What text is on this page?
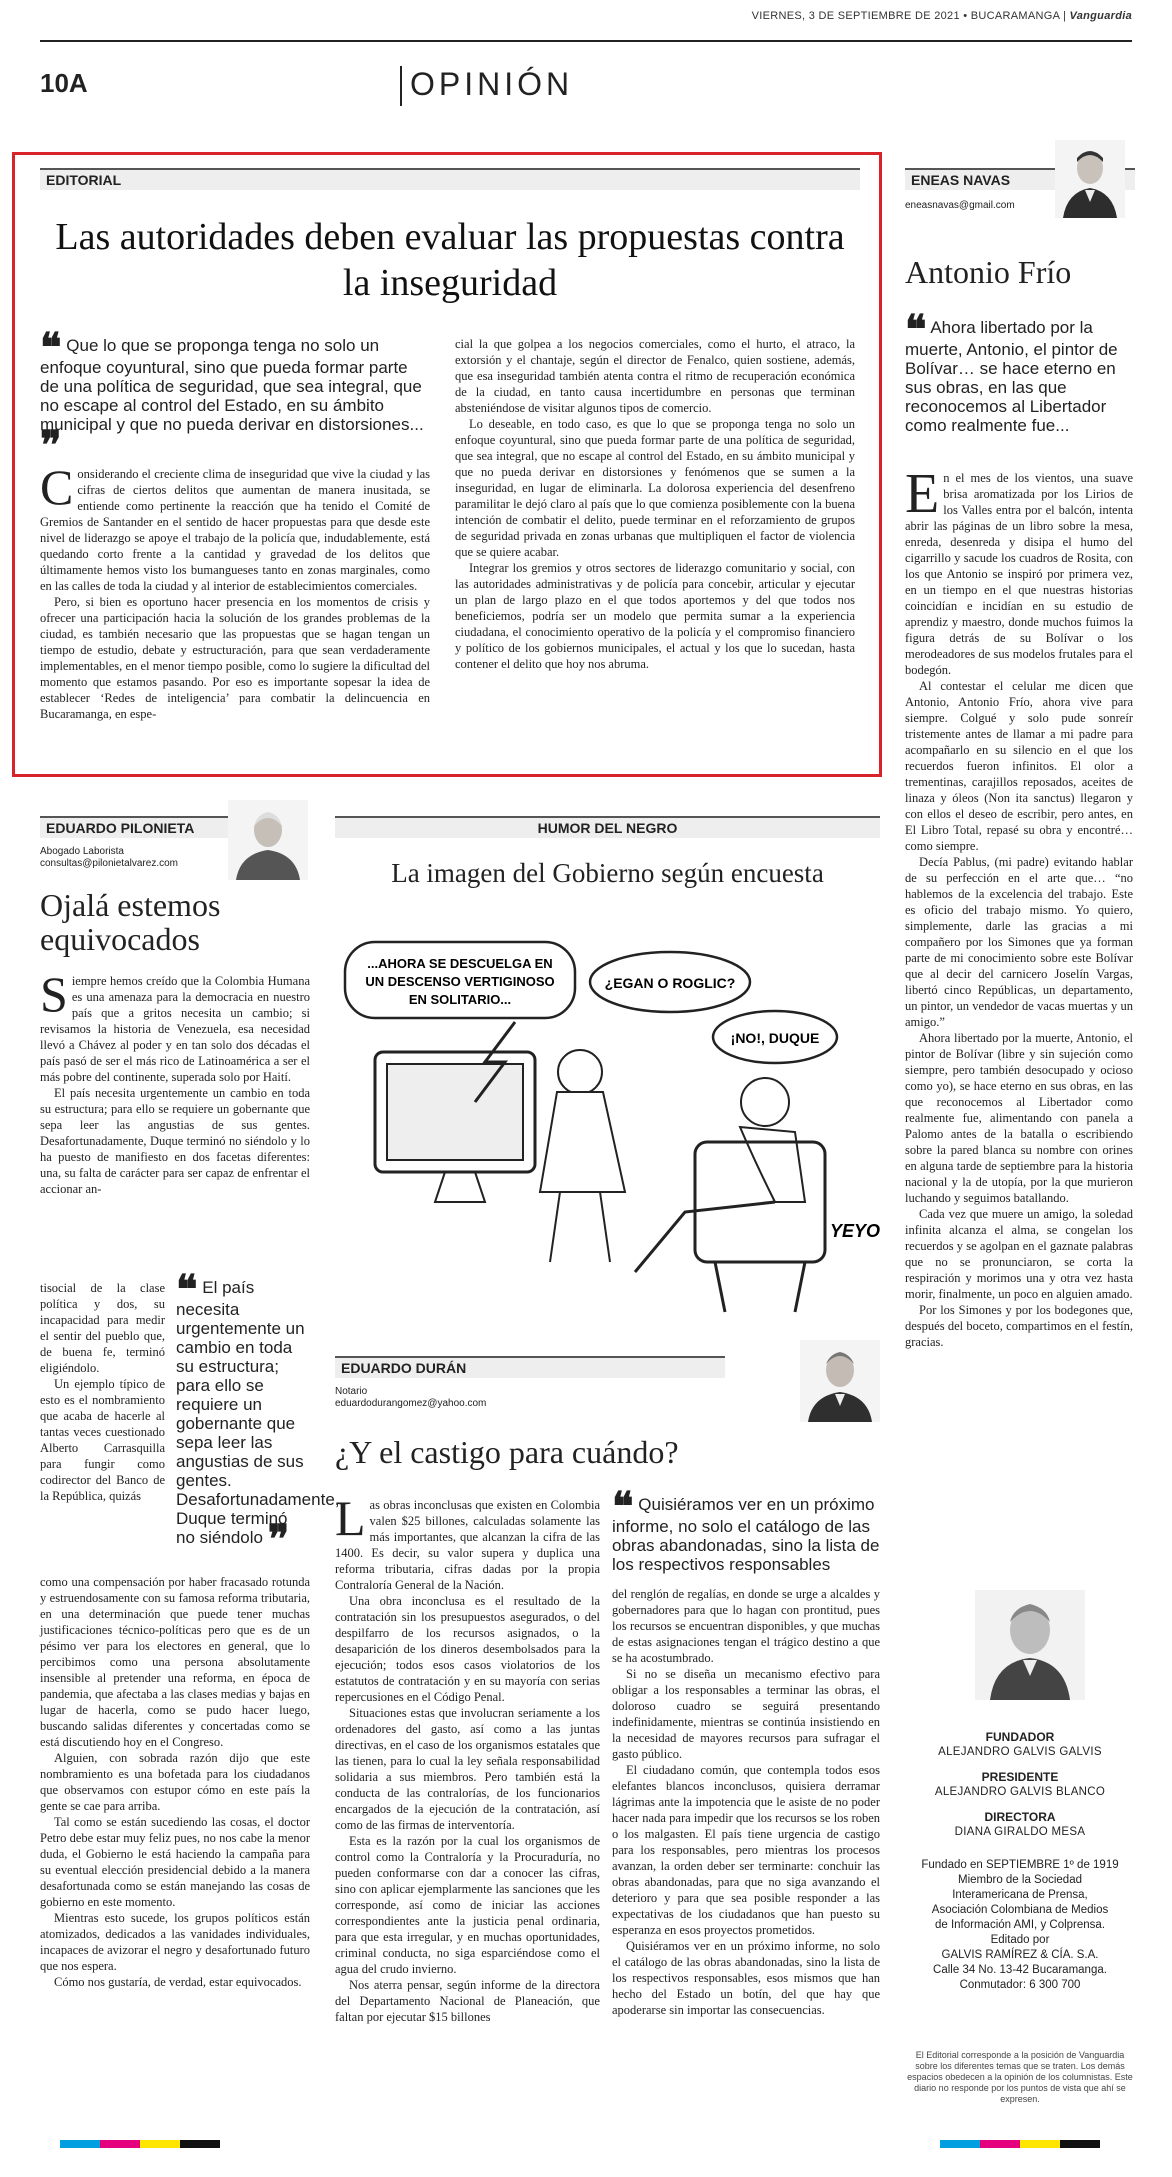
VIERNES, 3 DE SEPTIEMBRE DE 2021 • BUCARAMANGA | Vanguardia
10A	OPINIÓN
EDITORIAL
Las autoridades deben evaluar las propuestas contra la inseguridad
❝ Que lo que se proponga tenga no solo un enfoque coyuntural, sino que pueda formar parte de una política de seguridad, que sea integral, que no escape al control del Estado, en su ámbito municipal y que no pueda derivar en distorsiones... ❞

Considerando el creciente clima de inseguridad que vive la ciudad y las cifras de ciertos delitos que aumentan de manera inusitada, se entiende como pertinente la reacción que ha tenido el Comité de Gremios de Santander en el sentido de hacer propuestas para que desde este nivel de liderazgo se apoye el trabajo de la policía que, indudablemente, está quedando corto frente a la cantidad y gravedad de los delitos que últimamente hemos visto los bumangueses tanto en zonas marginales, como en las calles de toda la ciudad y al interior de establecimientos comerciales.

Pero, si bien es oportuno hacer presencia en los momentos de crisis y ofrecer una participación hacia la solución de los grandes problemas de la ciudad, es también necesario que las propuestas que se hagan tengan un tiempo de estudio, debate y estructuración, para que sean verdaderamente implementables, en el menor tiempo posible, como lo sugiere la dificultad del momento que estamos pasando. Por eso es importante sopesar la idea de establecer ‘Redes de inteligencia’ para combatir la delincuencia en Bucaramanga, en espe-

cial la que golpea a los negocios comerciales, como el hurto, el atraco, la extorsión y el chantaje, según el director de Fenalco, quien sostiene, además, que esa inseguridad también atenta contra el ritmo de recuperación económica de la ciudad, en tanto causa incertidumbre en personas que terminan absteniéndose de visitar algunos tipos de comercio.

Lo deseable, en todo caso, es que lo que se proponga tenga no solo un enfoque coyuntural, sino que pueda formar parte de una política de seguridad, que sea integral, que no escape al control del Estado, en su ámbito municipal y que no pueda derivar en distorsiones y fenómenos que se sumen a la inseguridad, en lugar de eliminarla. La dolorosa experiencia del desenfreno paramilitar le dejó claro al país que lo que comienza posiblemente con la buena intención de combatir el delito, puede terminar en el reforzamiento de grupos de seguridad privada en zonas urbanas que multipliquen el factor de violencia que se quiere acabar.

Integrar los gremios y otros sectores de liderazgo comunitario y social, con las autoridades administrativas y de policía para concebir, articular y ejecutar un plan de largo plazo en el que todos aportemos y del que todos nos beneficiemos, podría ser un modelo que permita sumar a la experiencia ciudadana, el conocimiento operativo de la policía y el compromiso financiero y político de los gobiernos municipales, el actual y los que lo sucedan, hasta contener el delito que hoy nos abruma.

ENEAS NAVAS
eneasnavas@gmail.com
Antonio Frío
❝ Ahora libertado por la muerte, Antonio, el pintor de Bolívar… se hace eterno en sus obras, en las que reconocemos al Libertador como realmente fue...

En el mes de los vientos, una suave brisa aromatizada por los Lirios de los Valles entra por el balcón, intenta abrir las páginas de un libro sobre la mesa, enreda, desenreda y disipa el humo del cigarrillo y sacude los cuadros de Rosita, con los que Antonio se inspiró por primera vez, en un tiempo en el que nuestras historias coincidían e incidían en su estudio de aprendiz y maestro, donde muchos fuimos la figura detrás de su Bolívar o los merodeadores de sus modelos frutales para el bodegón.

Al contestar el celular me dicen que Antonio, Antonio Frío, ahora vive para siempre. Colgué y solo pude sonreír tristemente antes de llamar a mi padre para acompañarlo en su silencio en el que los recuerdos fueron infinitos. El olor a trementinas, carajillos reposados, aceites de linaza y óleos (Non ita sanctus) llegaron y con ellos el deseo de escribir, pero antes, en El Libro Total, repasé su obra y encontré… como siempre.

Decía Pablus, (mi padre) evitando hablar de su perfección en el arte que… “no hablemos de la excelencia del trabajo. Este es oficio del trabajo mismo. Yo quiero, simplemente, darle las gracias a mi compañero por los Simones que ya forman parte de mi conocimiento sobre este Bolívar que al decir del carnicero Joselín Vargas, libertó cinco Repúblicas, un departamento, un pintor, un vendedor de vacas muertas y un amigo.”

Ahora libertado por la muerte, Antonio, el pintor de Bolívar (libre y sin sujeción como siempre, pero también desocupado y ocioso como yo), se hace eterno en sus obras, en las que reconocemos al Libertador como realmente fue, alimentando con panela a Palomo antes de la batalla o escribiendo sobre la pared blanca su nombre con orines en alguna tarde de septiembre para la historia nacional y la de utopía, por la que murieron luchando y seguimos batallando.

Cada vez que muere un amigo, la soledad infinita alcanza el alma, se congelan los recuerdos y se agolpan en el gaznate palabras que no se pronunciaron, se corta la respiración y morimos una y otra vez hasta morir, finalmente, un poco en alguien amado.

Por los Simones y por los bodegones que, después del boceto, compartimos en el festín, gracias.

FUNDADOR
ALEJANDRO GALVIS GALVIS
PRESIDENTE
ALEJANDRO GALVIS BLANCO
DIRECTORA
DIANA GIRALDO MESA
Fundado en SEPTIEMBRE 1º de 1919
Miembro de la Sociedad
Interamericana de Prensa,
Asociación Colombiana de Medios
de Información AMI, y Colprensa.
Editado por
GALVIS RAMÍREZ & CÍA. S.A.
Calle 34 No. 13-42 Bucaramanga.
Conmutador: 6 300 700
El Editorial corresponde a la posición de Vanguardia sobre los diferentes temas que se traten. Los demás espacios obedecen a la opinión de los columnistas. Este diario no responde por los puntos de vista que ahí se expresen.
EDUARDO PILONIETA
Abogado Laborista
consultas@pilonietalvarez.com
Ojalá estemos equivocados

Siempre hemos creído que la Colombia Humana es una amenaza para la democracia en nuestro país que a gritos necesita un cambio; si revisamos la historia de Venezuela, esa necesidad llevó a Chávez al poder y en tan solo dos décadas el país pasó de ser el más rico de Latinoamérica a ser el más pobre del continente, superada solo por Haití.

El país necesita urgentemente un cambio en toda su estructura; para ello se requiere un gobernante que sepa leer las angustias de sus gentes. Desafortunadamente, Duque terminó no siéndolo y lo ha puesto de manifiesto en dos facetas diferentes: una, su falta de carácter para ser capaz de enfrentar el accionar an-

tisocial de la clase política y dos, su incapacidad para medir el sentir del pueblo que, de buena fe, terminó eligiéndolo.

Un ejemplo típico de esto es el nombramiento que acaba de hacerle al tantas veces cuestionado Alberto Carrasquilla para fungir como codirector del Banco de la República, quizás

❝ El país necesita urgentemente un cambio en toda su estructura; para ello se requiere un gobernante que sepa leer las angustias de sus gentes. Desafortunadamente, Duque terminó no siéndolo ❞

como una compensación por haber fracasado rotunda y estruendosamente con su famosa reforma tributaria, en una determinación que puede tener muchas justificaciones técnico-políticas pero que es de un pésimo ver para los electores en general, que lo percibimos como una persona absolutamente insensible al pretender una reforma, en época de pandemia, que afectaba a las clases medias y bajas en lugar de hacerla, como se pudo hacer luego, buscando salidas diferentes y concertadas como se está discutiendo hoy en el Congreso.

Alguien, con sobrada razón dijo que este nombramiento es una bofetada para los ciudadanos que observamos con estupor cómo en este país la gente se cae para arriba.

Tal como se están sucediendo las cosas, el doctor Petro debe estar muy feliz pues, no nos cabe la menor duda, el Gobierno le está haciendo la campaña para su eventual elección presidencial debido a la manera desafortunada como se están manejando las cosas de gobierno en este momento.

Mientras esto sucede, los grupos políticos están atomizados, dedicados a las vanidades individuales, incapaces de avizorar el negro y desafortunado futuro que nos espera.

Cómo nos gustaría, de verdad, estar equivocados.

HUMOR DEL NEGRO
La imagen del Gobierno según encuesta
...AHORA SE DESCUELGA EN
UN DESCENSO VERTIGINOSO
EN SOLITARIO...
¿EGAN O ROGLIC?
¡NO!, DUQUE
YEYO
EDUARDO DURÁN
Notario
eduardodurangomez@yahoo.com
¿Y el castigo para cuándo?

Las obras inconclusas que existen en Colombia valen $25 billones, calculadas solamente las más importantes, que alcanzan la cifra de las 1400. Es decir, su valor supera y duplica una reforma tributaria, cifras dadas por la propia Contraloría General de la Nación.

Una obra inconclusa es el resultado de la contratación sin los presupuestos asegurados, o del despilfarro de los recursos asignados, o la desaparición de los dineros desembolsados para la ejecución; todos esos casos violatorios de los estatutos de contratación y en su mayoría con serias repercusiones en el Código Penal.

Situaciones estas que involucran seriamente a los ordenadores del gasto, así como a las juntas directivas, en el caso de los organismos estatales que las tienen, para lo cual la ley señala responsabilidad solidaria a sus miembros. Pero también está la conducta de las contralorías, de los funcionarios encargados de la ejecución de la contratación, así como de las firmas de interventoría.

Esta es la razón por la cual los organismos de control como la Contraloría y la Procuraduría, no pueden conformarse con dar a conocer las cifras, sino con aplicar ejemplarmente las sanciones que les corresponde, así como de iniciar las acciones correspondientes ante la justicia penal ordinaria, para que esta irregular, y en muchas oportunidades, criminal conducta, no siga esparciéndose como el agua del crudo invierno.

Nos aterra pensar, según informe de la directora del Departamento Nacional de Planeación, que faltan por ejecutar $15 billones

❝ Quisiéramos ver en un próximo informe, no solo el catálogo de las obras abandonadas, sino la lista de los respectivos responsables

del renglón de regalías, en donde se urge a alcaldes y gobernadores para que lo hagan con prontitud, pues los recursos se encuentran disponibles, y que muchas de estas asignaciones tengan el trágico destino a que se ha acostumbrado.

Si no se diseña un mecanismo efectivo para obligar a los responsables a terminar las obras, el doloroso cuadro se seguirá presentando indefinidamente, mientras se continúa insistiendo en la necesidad de mayores recursos para sufragar el gasto público.

El ciudadano común, que contempla todos esos elefantes blancos inconclusos, quisiera derramar lágrimas ante la impotencia que le asiste de no poder hacer nada para impedir que los recursos se los roben o los malgasten. El país tiene urgencia de castigo para los responsables, pero mientras los procesos avanzan, la orden deber ser terminarte: conchuir las obras abandonadas, para que no siga avanzando el deterioro y para que sea posible responder a las expectativas de los ciudadanos que han puesto su esperanza en esos proyectos prometidos.

Quisiéramos ver en un próximo informe, no solo el catálogo de las obras abandonadas, sino la lista de los respectivos responsables, esos mismos que han hecho del Estado un botín, del que hay que apoderarse sin importar las consecuencias.
